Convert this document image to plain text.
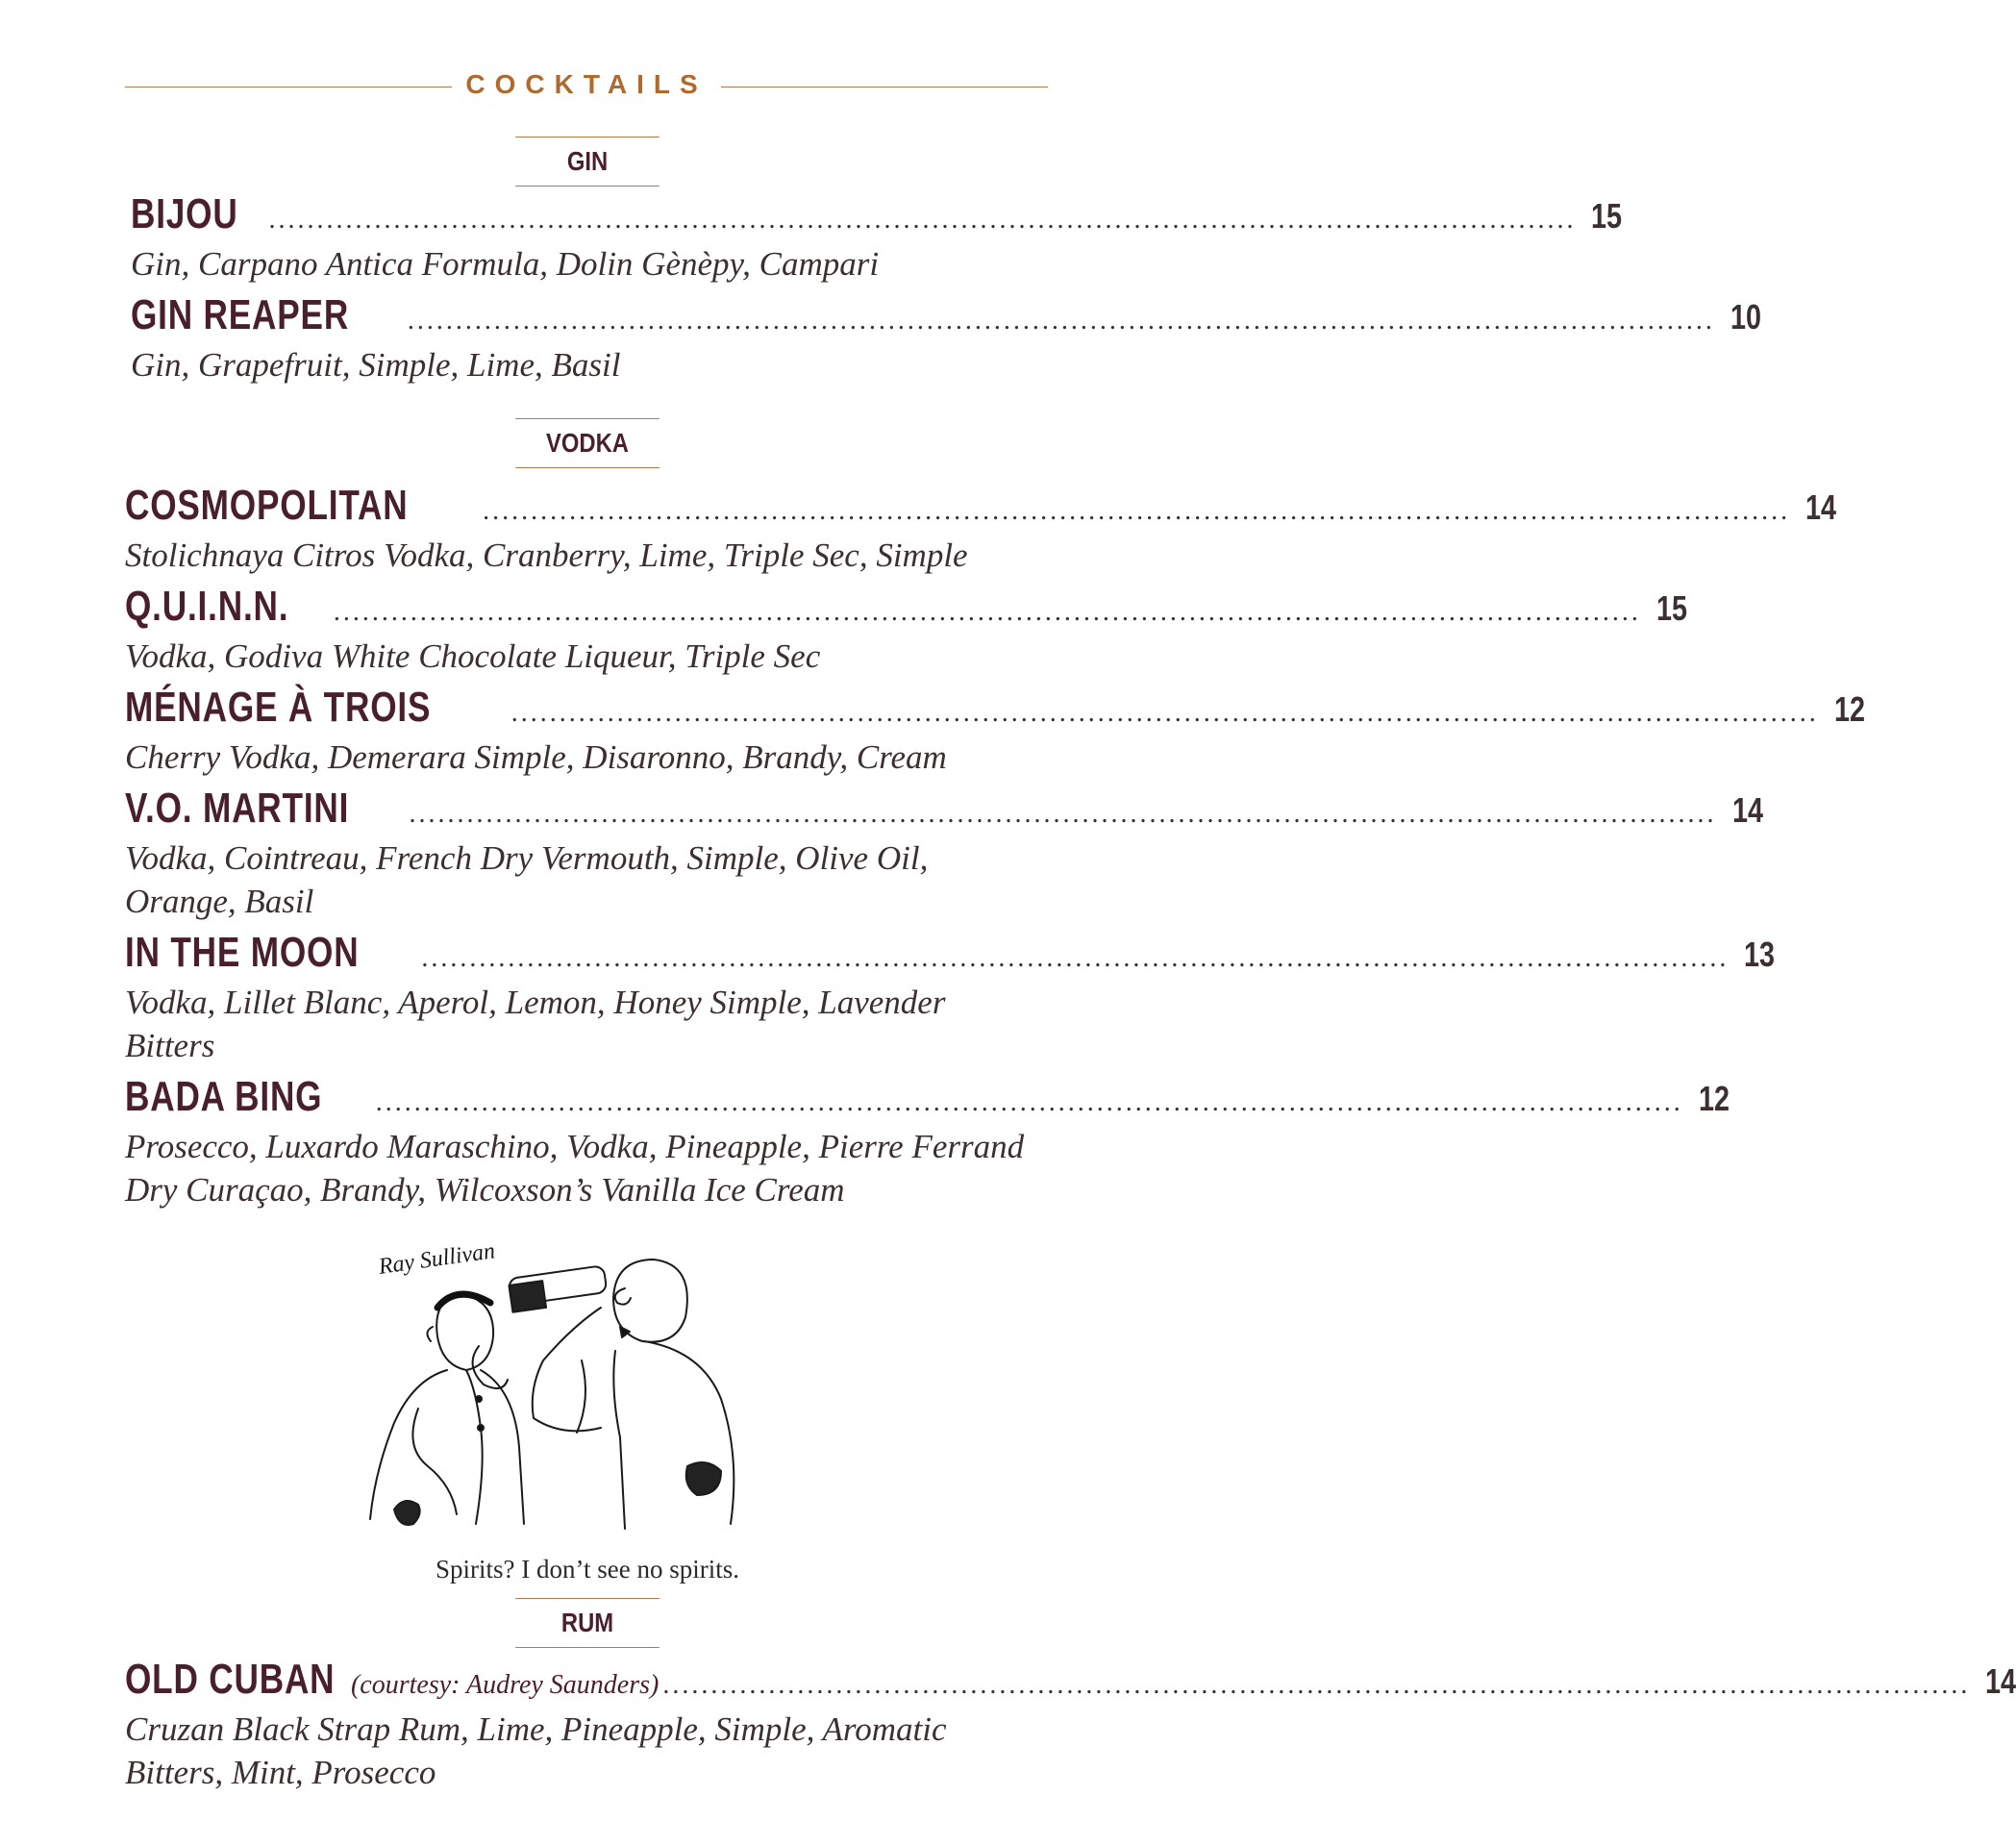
COCKTAILS
GIN
BIJOU ........................................................................................................................................ 15
Gin, Carpano Antica Formula, Dolin Gènèpy, Campari
GIN REAPER ........................................................................................................................................ 10
Gin, Grapefruit, Simple, Lime, Basil
VODKA
COSMOPOLITAN	........................................................................................................................................ 14
Stolichnaya Citros Vodka, Cranberry, Lime, Triple Sec, Simple
Q.U.I.N.N. ........................................................................................................................................ 15
Vodka, Godiva White Chocolate Liqueur, Triple Sec
MÉNAGE À TROIS	........................................................................................................................................ 12
Cherry Vodka, Demerara Simple, Disaronno, Brandy, Cream
V.O. MARTINI ........................................................................................................................................ 14
Vodka, Cointreau, French Dry Vermouth, Simple, Olive Oil,
Orange, Basil
IN THE MOON ........................................................................................................................................ 13
Vodka, Lillet Blanc, Aperol, Lemon, Honey Simple, Lavender
Bitters
BADA BING ........................................................................................................................................ 12
Prosecco, Luxardo Maraschino, Vodka, Pineapple, Pierre Ferrand
Dry Curaçao, Brandy, Wilcoxson’s Vanilla Ice Cream
Ray Sullivan
Spirits? I don’t see no spirits.
RUM
OLD CUBAN (courtesy: Audrey Saunders) ........................................................................................................................................ 14
Cruzan Black Strap Rum, Lime, Pineapple, Simple, Aromatic
Bitters, Mint, Prosecco
